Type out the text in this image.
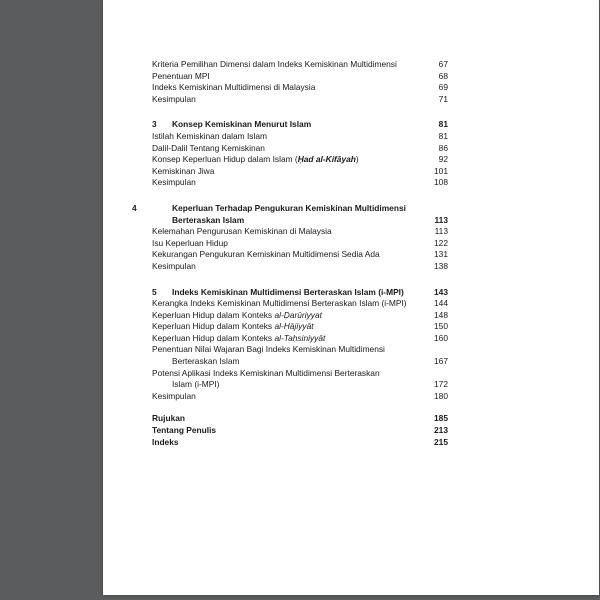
Kriteria Pemilihan Dimensi dalam Indeks Kemiskinan Multidimensi	67
Penentuan MPI	68
Indeks Kemiskinan Multidimensi di Malaysia	69
Kesimpulan	71
3 Konsep Kemiskinan Menurut Islam	81
Istilah Kemiskinan dalam Islam	81
Dalil-Dalil Tentang Kemiskinan	86
Konsep Keperluan Hidup dalam Islam (Ḥad al-Kifāyah)	92
Kemiskinan Jiwa	101
Kesimpulan	108
4	Keperluan Terhadap Pengukuran Kemiskinan Multidimensi
Berteraskan Islam	113
Kelemahan Pengurusan Kemiskinan di Malaysia	113
Isu Keperluan Hidup	122
Kekurangan Pengukuran Kemiskinan Multidimensi Sedia Ada	131
Kesimpulan	138
5 Indeks Kemiskinan Multidimensi Berteraskan Islam (i-MPI)	143
Kerangka Indeks Kemiskinan Multidimensi Berteraskan Islam (i-MPI)	144
Keperluan Hidup dalam Konteks al-Ḍarūriyyat	148
Keperluan Hidup dalam Konteks al-Ḥājiyyāt	150
Keperluan Hidup dalam Konteks al-Taḥsiniyyāt	160
Penentuan Nilai Wajaran Bagi Indeks Kemiskinan Multidimensi
Berteraskan Islam	167
Potensi Aplikasi Indeks Kemiskinan Multidimensi Berteraskan
Islam (i-MPI)	172
Kesimpulan	180
Rujukan	185
Tentang Penulis	213
Indeks	215
